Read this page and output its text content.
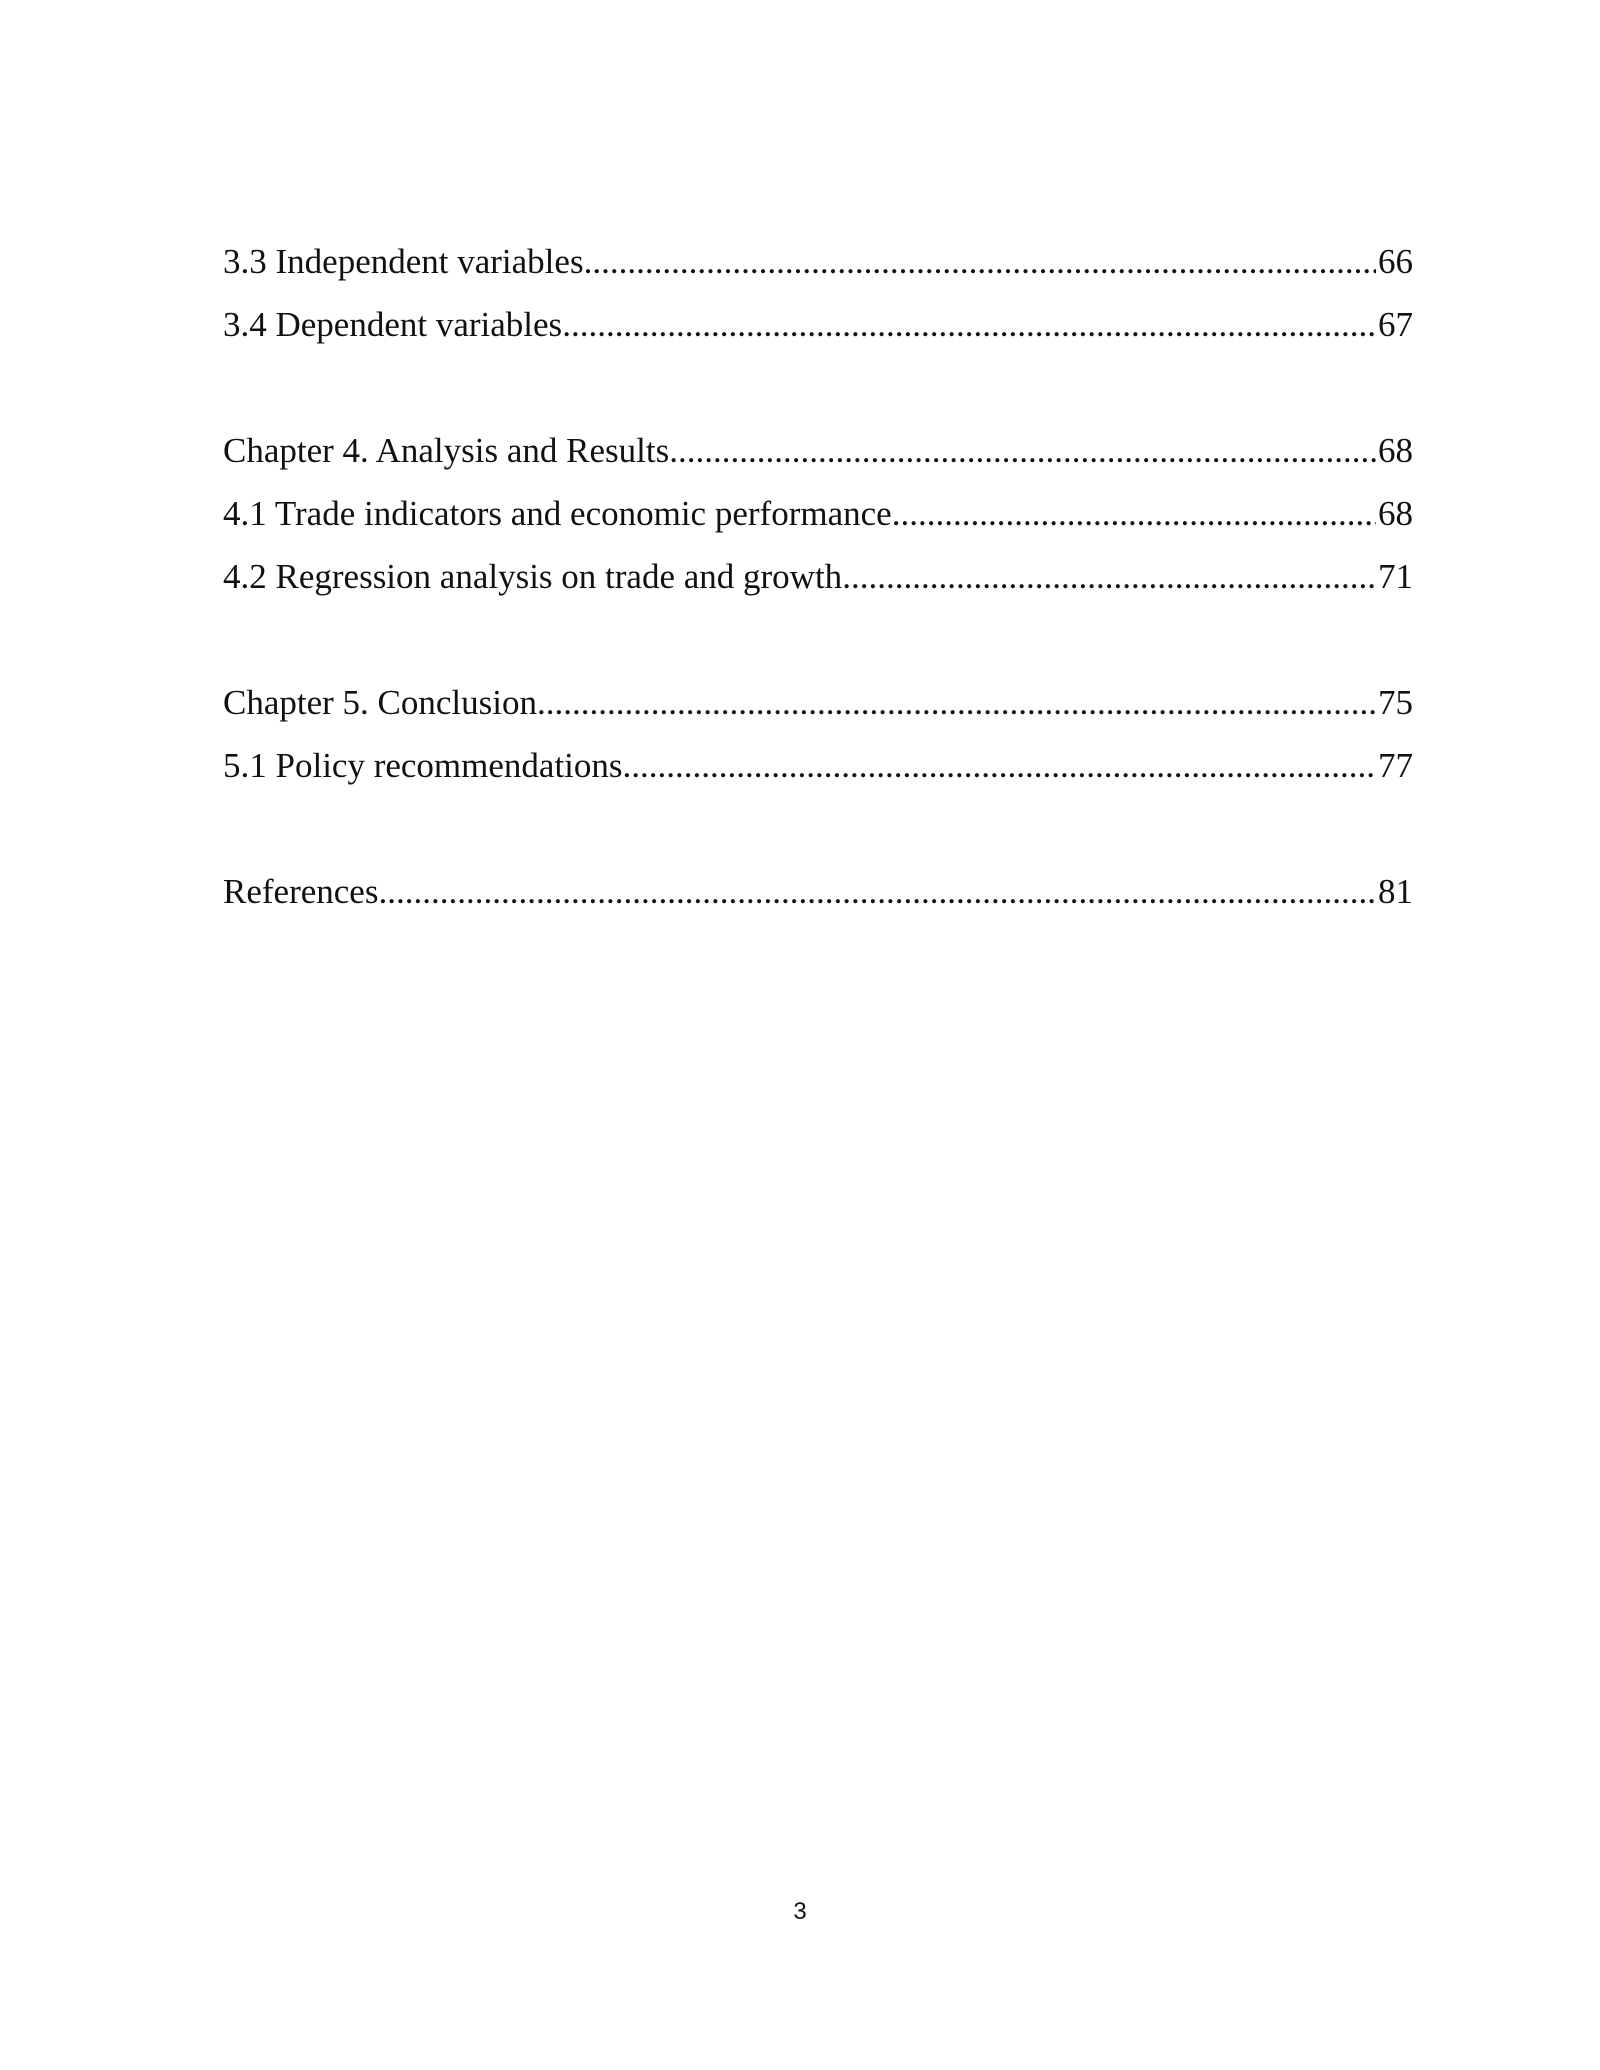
3.3 Independent variables .....	66
3.4 Dependent variables .....	67
Chapter 4. Analysis and Results .....	68
4.1 Trade indicators and economic performance .....	68
4.2 Regression analysis on trade and growth .....	71
Chapter 5. Conclusion .....	75
5.1 Policy recommendations .....	77
References .....	81
3
